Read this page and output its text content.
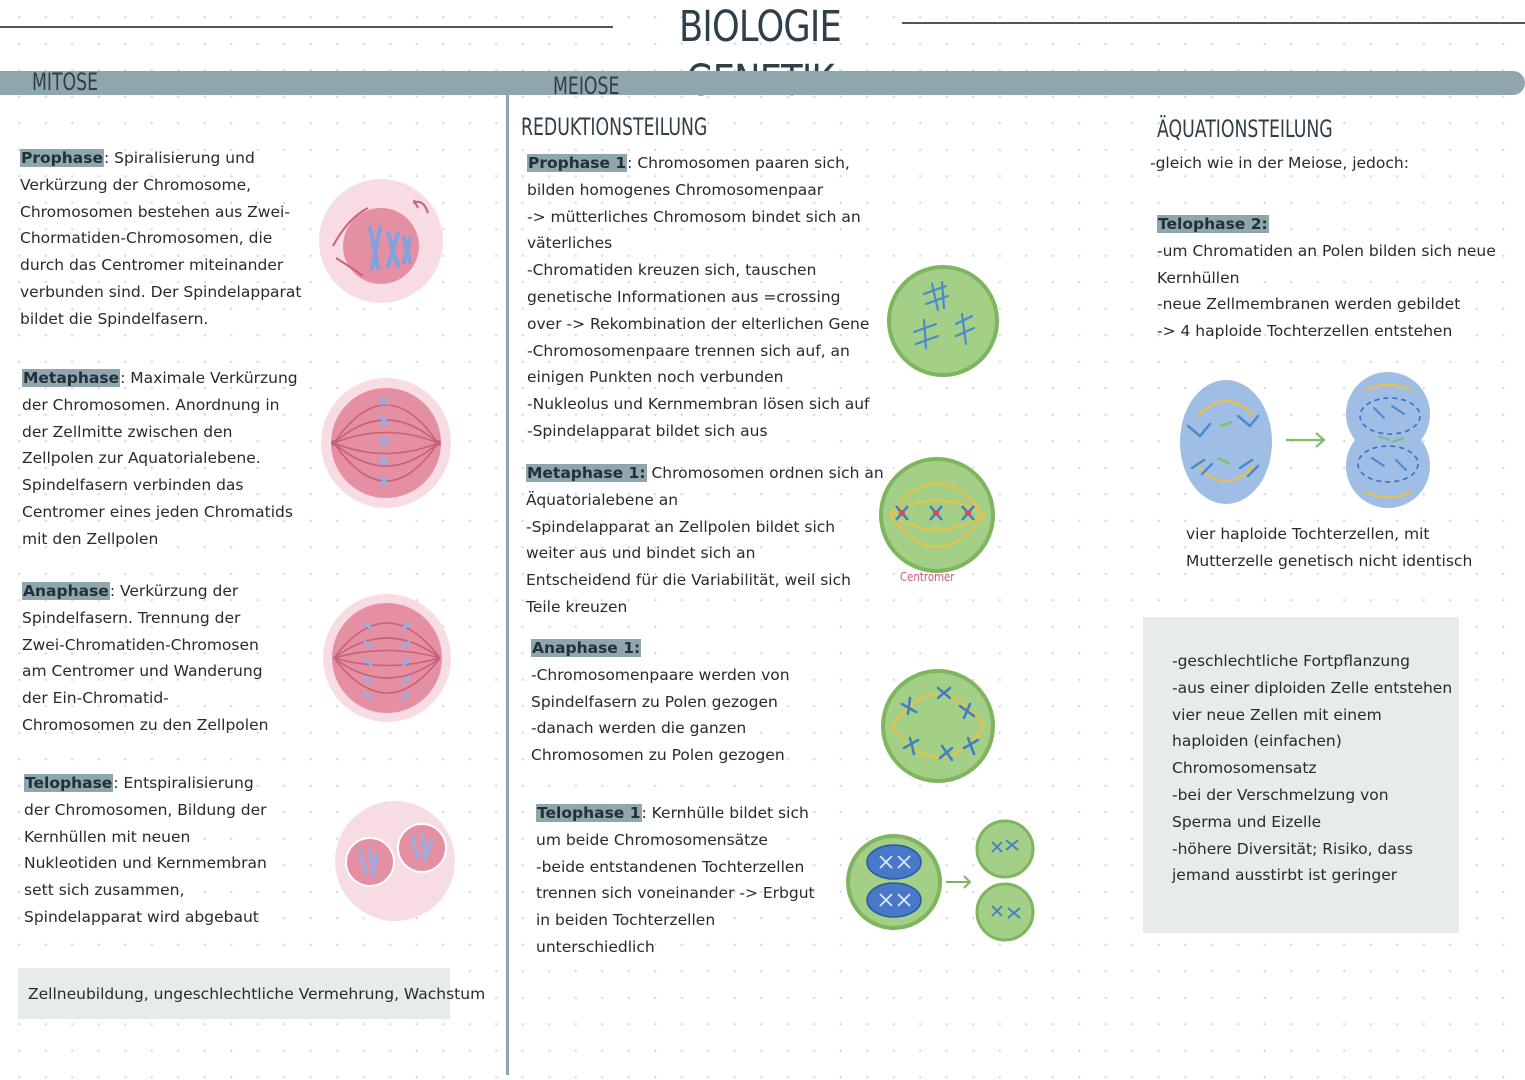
BIOLOGIE
MITOSE	MEIOSE

Prophase: Spiralisierung und

Verkürzung der Chromosome,

Chromosomen bestehen aus Zwei-

Chormatiden-Chromosomen, die

durch das Centromer miteinander

verbunden sind. Der Spindelapparat

bildet die Spindelfasern.

Metaphase: Maximale Verkürzung

der Chromosomen. Anordnung in

der Zellmitte zwischen den

Zellpolen zur Aquatorialebene.

Spindelfasern verbinden das

Centromer eines jeden Chromatids

mit den Zellpolen

Anaphase: Verkürzung der

Spindelfasern. Trennung der

Zwei-Chromatiden-Chromosen

am Centromer und Wanderung

der Ein-Chromatid-

Chromosomen zu den Zellpolen

Telophase: Entspiralisierung

der Chromosomen, Bildung der

Kernhüllen mit neuen

Nukleotiden und Kernmembran

sett sich zusammen,

Spindelapparat wird abgebaut

Zellneubildung, ungeschlechtliche Vermehrung, Wachstum
REDUKTIONSTEILUNG

Prophase 1: Chromosomen paaren sich,

bilden homogenes Chromosomenpaar

-> mütterliches Chromosom bindet sich an

väterliches

-Chromatiden kreuzen sich, tauschen

genetische Informationen aus =crossing

over -> Rekombination der elterlichen Gene

-Chromosomenpaare trennen sich auf, an

einigen Punkten noch verbunden

-Nukleolus und Kernmembran lösen sich auf

-Spindelapparat bildet sich aus

Metaphase 1: Chromosomen ordnen sich an

Äquatorialebene an

-Spindelapparat an Zellpolen bildet sich

weiter aus und bindet sich an

Entscheidend für die Variabilität, weil sich

Teile kreuzen

Centromer

Anaphase 1:

-Chromosomenpaare werden von

Spindelfasern zu Polen gezogen

-danach werden die ganzen

Chromosomen zu Polen gezogen

Telophase 1: Kernhülle bildet sich

um beide Chromosomensätze

-beide entstandenen Tochterzellen

trennen sich voneinander -> Erbgut

in beiden Tochterzellen

unterschiedlich

ÄQUATIONSTEILUNG
-gleich wie in der Meiose, jedoch:

Telophase 2:

-um Chromatiden an Polen bilden sich neue

Kernhüllen

-neue Zellmembranen werden gebildet

-> 4 haploide Tochterzellen entstehen

vier haploide Tochterzellen, mit

Mutterzelle genetisch nicht identisch

-geschlechtliche Fortpflanzung

-aus einer diploiden Zelle entstehen

vier neue Zellen mit einem

haploiden (einfachen)

Chromosomensatz

-bei der Verschmelzung von

Sperma und Eizelle

-höhere Diversität; Risiko, dass

jemand ausstirbt ist geringer
